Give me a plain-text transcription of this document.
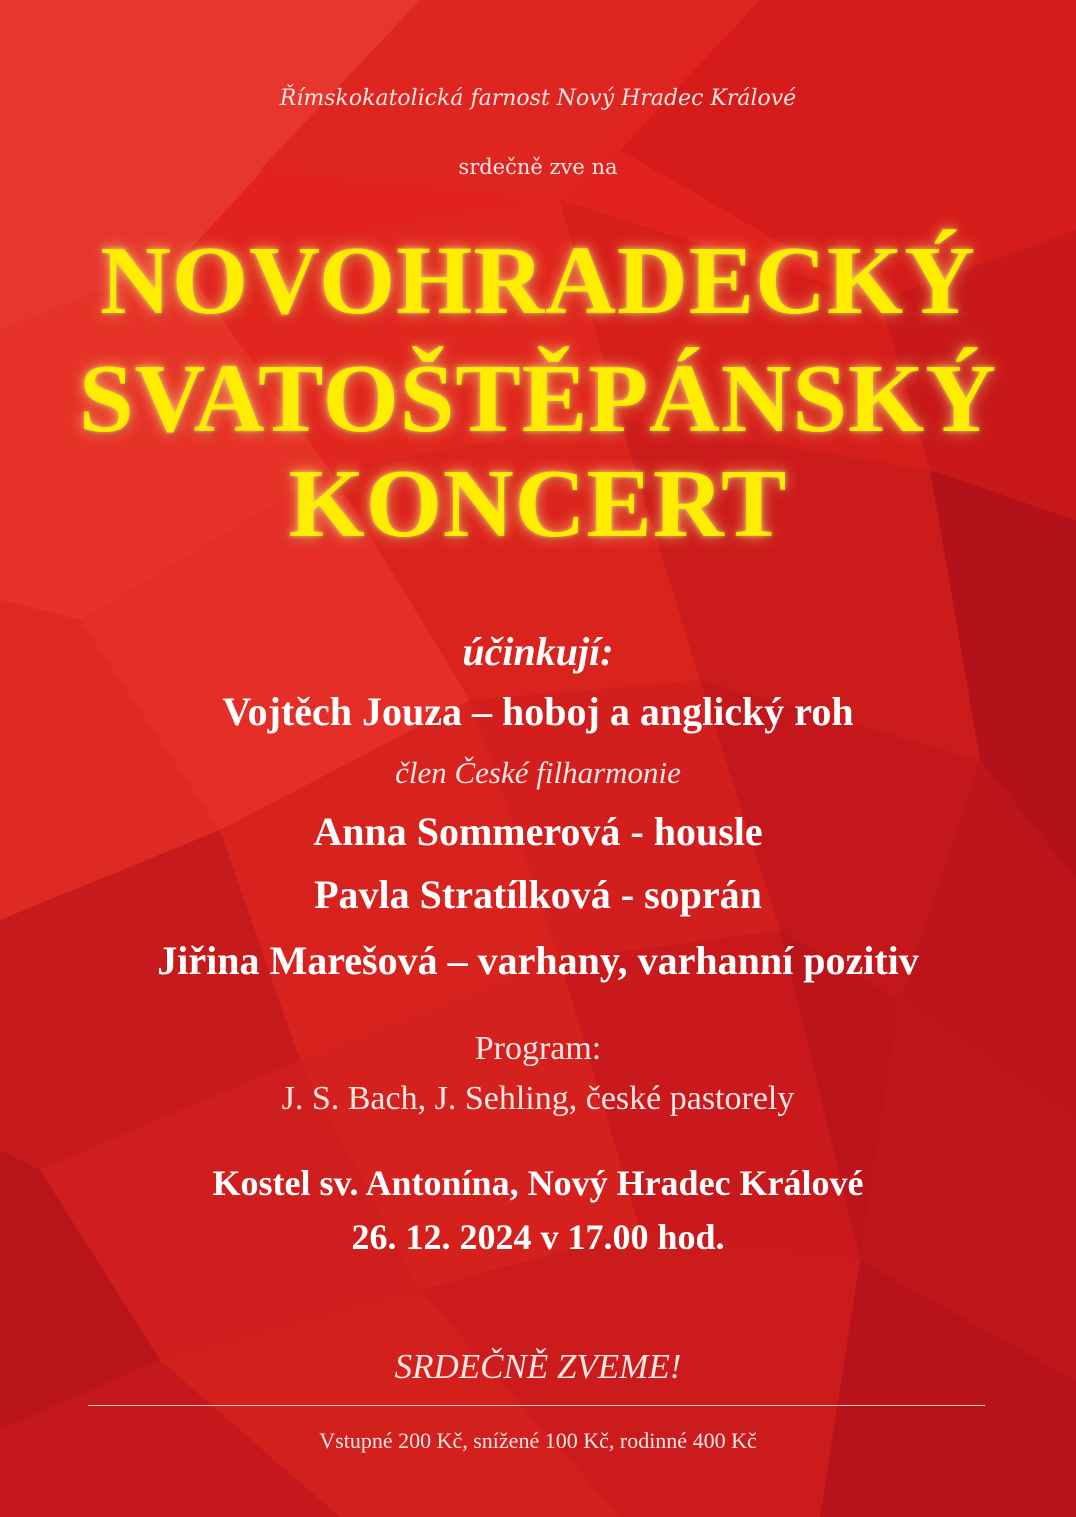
Římskokatolická farnost Nový Hradec Králové
srdečně zve na
NOVOHRADECKÝ
SVATOŠTĚPÁNSKÝ
KONCERT
účinkují:
Vojtěch Jouza – hoboj a anglický roh
člen České filharmonie
Anna Sommerová - housle
Pavla Stratílková - soprán
Jiřina Marešová – varhany, varhanní pozitiv
Program:
J. S. Bach, J. Sehling, české pastorely
Kostel sv. Antonína, Nový Hradec Králové
26. 12. 2024 v 17.00 hod.
SRDEČNĚ ZVEME!
Vstupné 200 Kč, snížené 100 Kč, rodinné 400 Kč
